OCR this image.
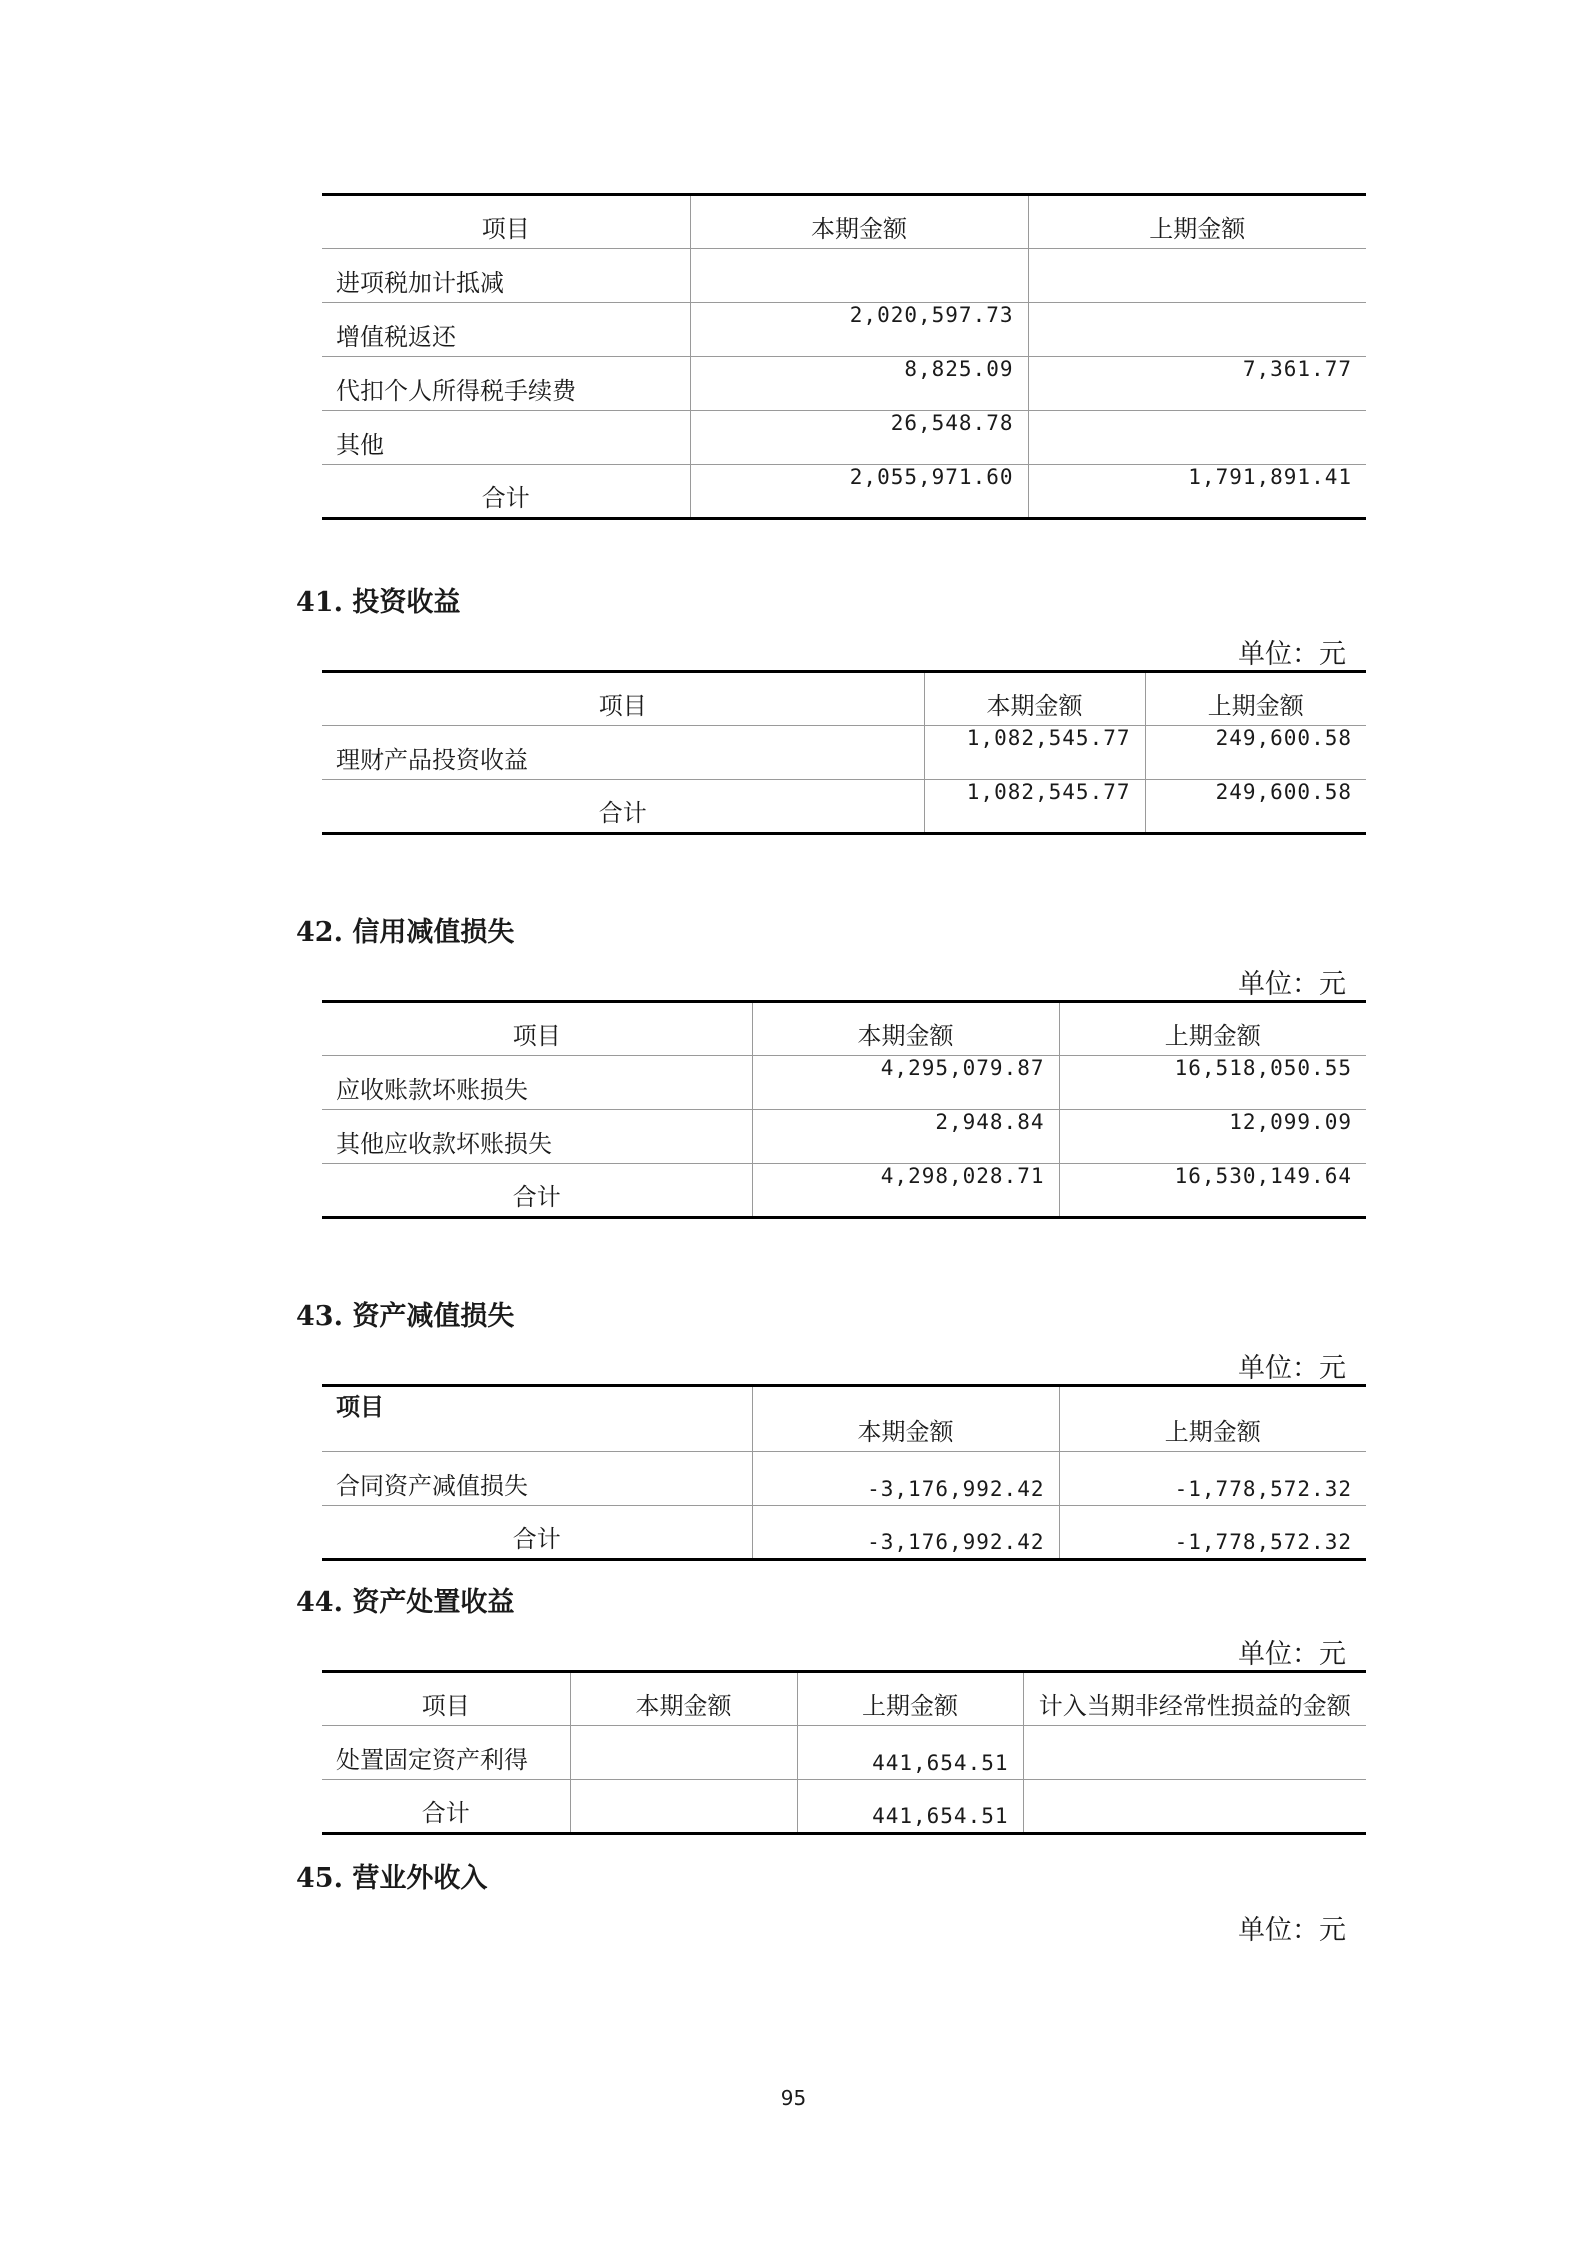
项目	本期金额	上期金额
进项税加计抵减		
增值税返还	2,020,597.73	
代扣个人所得税手续费	8,825.09	7,361.77
其他	26,548.78	
合计	2,055,971.60	1,791,891.41
41. 投资收益
单位：元
项目	本期金额	上期金额
理财产品投资收益	1,082,545.77	249,600.58
合计	1,082,545.77	249,600.58
42. 信用减值损失
单位：元
项目	本期金额	上期金额
应收账款坏账损失	4,295,079.87	16,518,050.55
其他应收款坏账损失	2,948.84	12,099.09
合计	4,298,028.71	16,530,149.64
43. 资产减值损失
单位：元
项目	本期金额	上期金额
合同资产减值损失	-3,176,992.42	-1,778,572.32
合计	-3,176,992.42	-1,778,572.32
44. 资产处置收益
单位：元
项目	本期金额	上期金额	计入当期非经常性损益的金额
处置固定资产利得		441,654.51	
合计		441,654.51	
45. 营业外收入
单位：元
95
